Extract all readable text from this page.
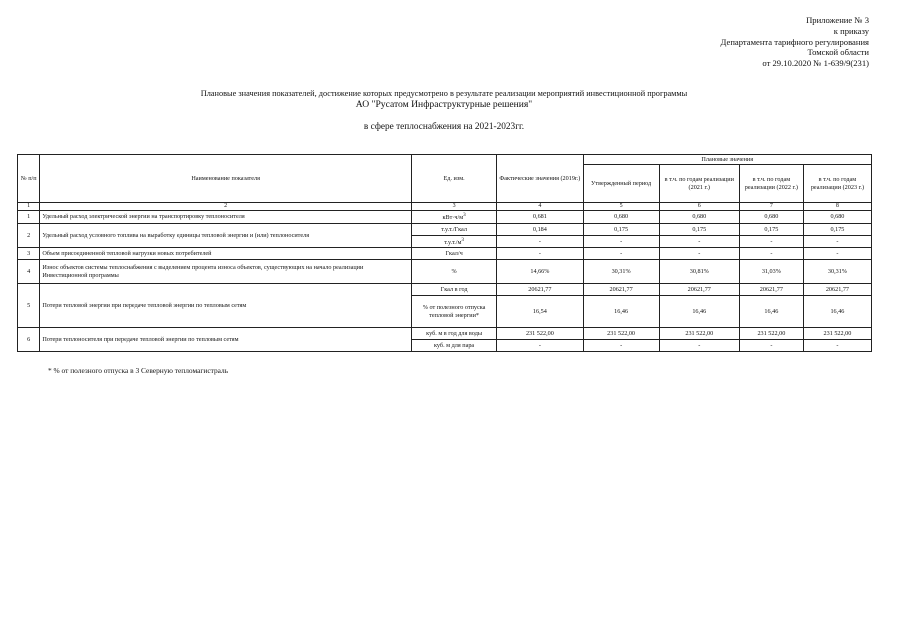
Приложение № 3
к приказу
Департамента тарифного регулирования
Томской области
от 29.10.2020 № 1-639/9(231)
Плановые значения показателей, достижение которых предусмотрено в результате реализации мероприятий инвестиционной программы
АО "Русатом Инфраструктурные решения"
в сфере теплоснабжения на 2021-2023гг.
№ п/п	Наименование показателя	Ед. изм.	Фактические значения (2019г.)	Плановые значения			
				Утвержденный период	в т.ч. по годам реализации (2021 г.)	в т.ч. по годам реализации (2022 г.)	в т.ч. по годам реализации (2023 г.)
1	2	3	4	5	6	7	8
1	Удельный расход электрической энергии на транспортировку теплоносителя	$кВт\cdot ч/м^3$	0,681	0,680	0,680	0,680	0,680
2	Удельный расход условного топлива на выработку единицы тепловой энергии и (или) теплоносителя	т.у.т./Гкал	0,184	0,175	0,175	0,175	0,175
		$т.у.т./м^3$	-	-	-	-	-
3	Объем присоединенной тепловой нагрузки новых потребителей	Гкал/ч	-	-	-	-	-
4	Износ объектов системы теплоснабжения с выделением процента износа объектов, существующих на начало реализации Инвестиционной программы	%	14,66%	30,31%	30,81%	31,03%	30,31%
5	Потери тепловой энергии при передаче тепловой энергии по тепловым сетям	Гкал в год	20621,77	20621,77	20621,77	20621,77	20621,77
		% от полезного отпуска тепловой энергии*	16,54	16,46	16,46	16,46	16,46
6	Потери теплоносителя при передаче тепловой энергии по тепловым сетям	куб. м в год для воды	231 522,00	231 522,00	231 522,00	231 522,00	231 522,00
		куб. м для пара	-	-	-	-	-
* % от полезного отпуска в 3 Северную тепломагистраль
